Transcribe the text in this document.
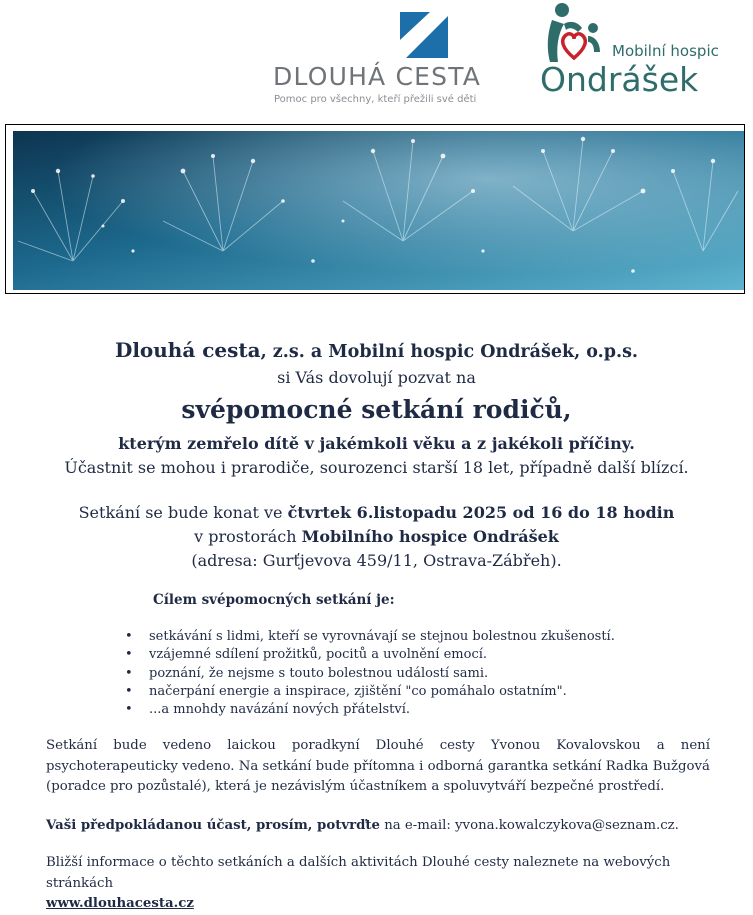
DLOUHÁ CESTA
Pomoc pro všechny, kteří přežili své děti
Mobilní hospic
Ondrášek
Dlouhá cesta, z.s. a Mobilní hospic Ondrášek, o.p.s.
si Vás dovolují pozvat na
svépomocné setkání rodičů,
kterým zemřelo dítě v jakémkoli věku a z jakékoli příčiny.
Účastnit se mohou i prarodiče, sourozenci starší 18 let, případně další blízcí.
Setkání se bude konat ve čtvrtek 6.listopadu 2025 od 16 do 18 hodin
v prostorách Mobilního hospice Ondrášek
(adresa: Gurťjevova 459/11, Ostrava-Zábřeh).
Cílem svépomocných setkání je:
• setkávání s lidmi, kteří se vyrovnávají se stejnou bolestnou zkušeností.
• vzájemné sdílení prožitků, pocitů a uvolnění emocí.
• poznání, že nejsme s touto bolestnou událostí sami.
• načerpání energie a inspirace, zjištění "co pomáhalo ostatním".
• ...a mnohdy navázání nových přátelství.
Setkání bude vedeno laickou poradkyní Dlouhé cesty Yvonou Kovalovskou a není psychoterapeuticky vedeno. Na setkání bude přítomna i odborná garantka setkání Radka Bužgová (poradce pro pozůstalé), která je nezávislým účastníkem a spoluvytváří bezpečné prostředí.
Vaši předpokládanou účast, prosím, potvrďte na e-mail: yvona.kowalczykova@seznam.cz.
Bližší informace o těchto setkáních a dalších aktivitách Dlouhé cesty naleznete na webových stránkách
www.dlouhacesta.cz
